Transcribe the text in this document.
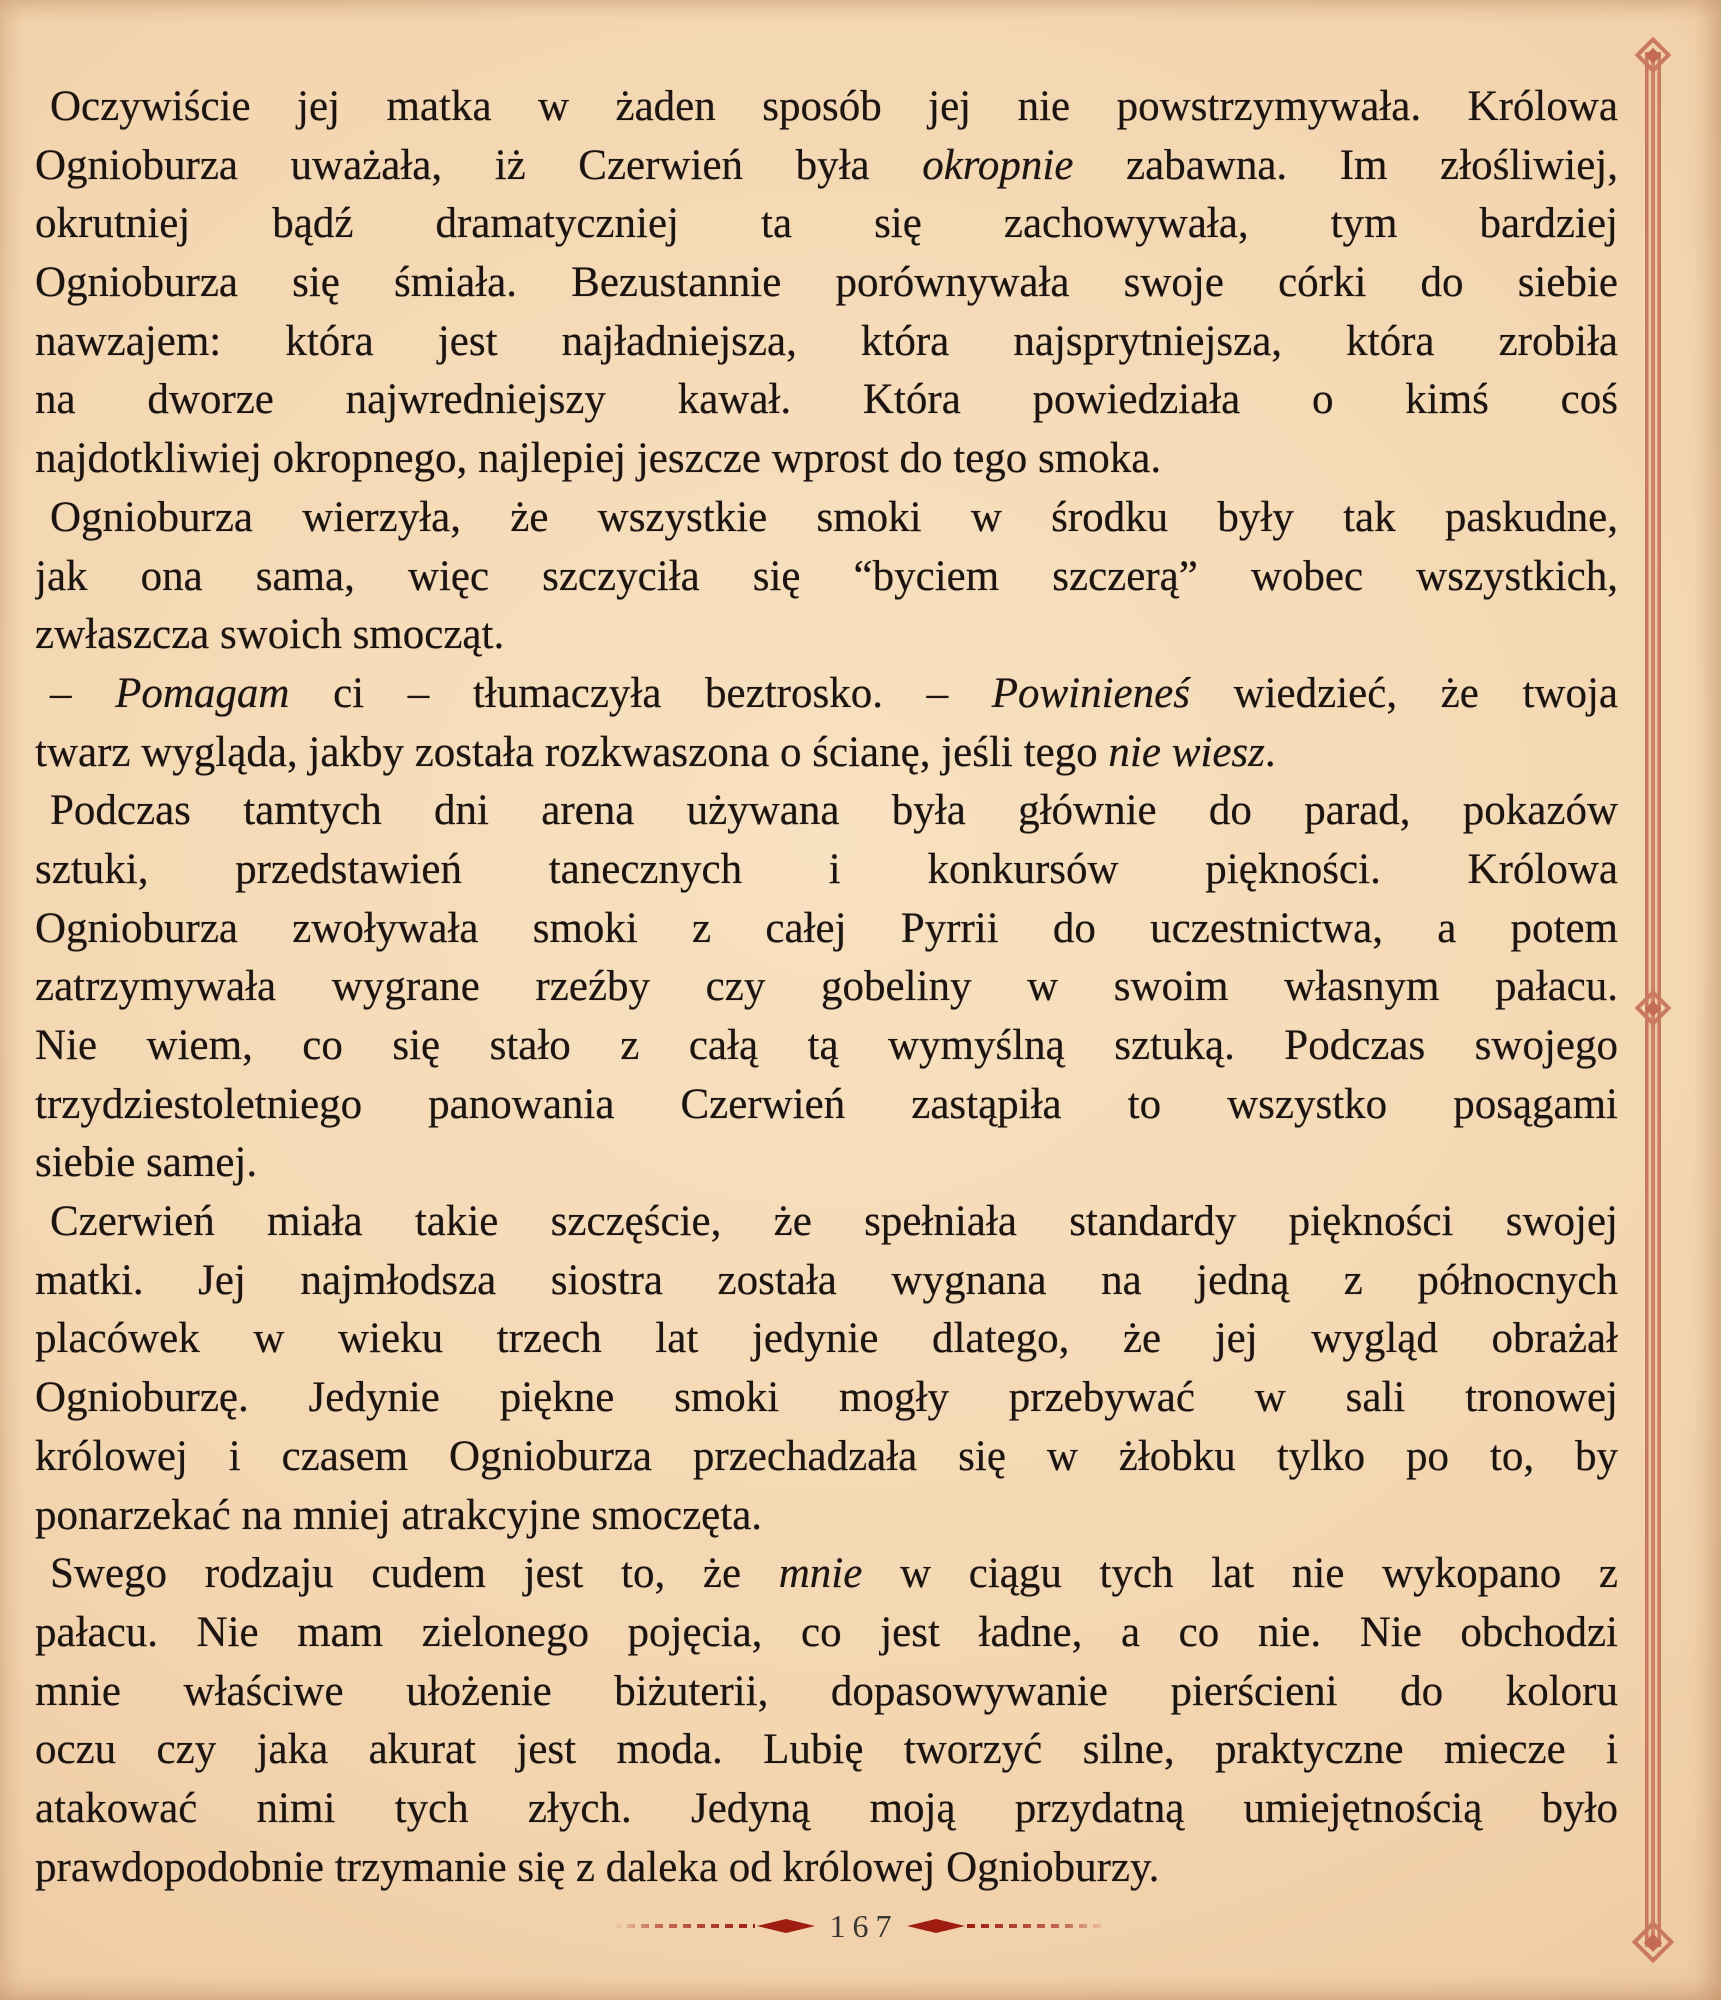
Oczywiście jej matka w żaden sposób jej nie powstrzymywała. Królowa
Ognioburza uważała, iż Czerwień była okropnie zabawna. Im złośliwiej,
okrutniej bądź dramatyczniej ta się zachowywała, tym bardziej
Ognioburza się śmiała. Bezustannie porównywała swoje córki do siebie
nawzajem: która jest najładniejsza, która najsprytniejsza, która zrobiła
na dworze najwredniejszy kawał. Która powiedziała o kimś coś
najdotkliwiej okropnego, najlepiej jeszcze wprost do tego smoka.
Ognioburza wierzyła, że wszystkie smoki w środku były tak paskudne,
jak ona sama, więc szczyciła się “byciem szczerą” wobec wszystkich,
zwłaszcza swoich smocząt.
– Pomagam ci – tłumaczyła beztrosko. – Powinieneś wiedzieć, że twoja
twarz wygląda, jakby została rozkwaszona o ścianę, jeśli tego nie wiesz.
Podczas tamtych dni arena używana była głównie do parad, pokazów
sztuki, przedstawień tanecznych i konkursów piękności. Królowa
Ognioburza zwoływała smoki z całej Pyrrii do uczestnictwa, a potem
zatrzymywała wygrane rzeźby czy gobeliny w swoim własnym pałacu.
Nie wiem, co się stało z całą tą wymyślną sztuką. Podczas swojego
trzydziestoletniego panowania Czerwień zastąpiła to wszystko posągami
siebie samej.
Czerwień miała takie szczęście, że spełniała standardy piękności swojej
matki. Jej najmłodsza siostra została wygnana na jedną z północnych
placówek w wieku trzech lat jedynie dlatego, że jej wygląd obrażał
Ognioburzę. Jedynie piękne smoki mogły przebywać w sali tronowej
królowej i czasem Ognioburza przechadzała się w żłobku tylko po to, by
ponarzekać na mniej atrakcyjne smoczęta.
Swego rodzaju cudem jest to, że mnie w ciągu tych lat nie wykopano z
pałacu. Nie mam zielonego pojęcia, co jest ładne, a co nie. Nie obchodzi
mnie właściwe ułożenie biżuterii, dopasowywanie pierścieni do koloru
oczu czy jaka akurat jest moda. Lubię tworzyć silne, praktyczne miecze i
atakować nimi tych złych. Jedyną moją przydatną umiejętnością było
prawdopodobnie trzymanie się z daleka od królowej Ognioburzy.
167
